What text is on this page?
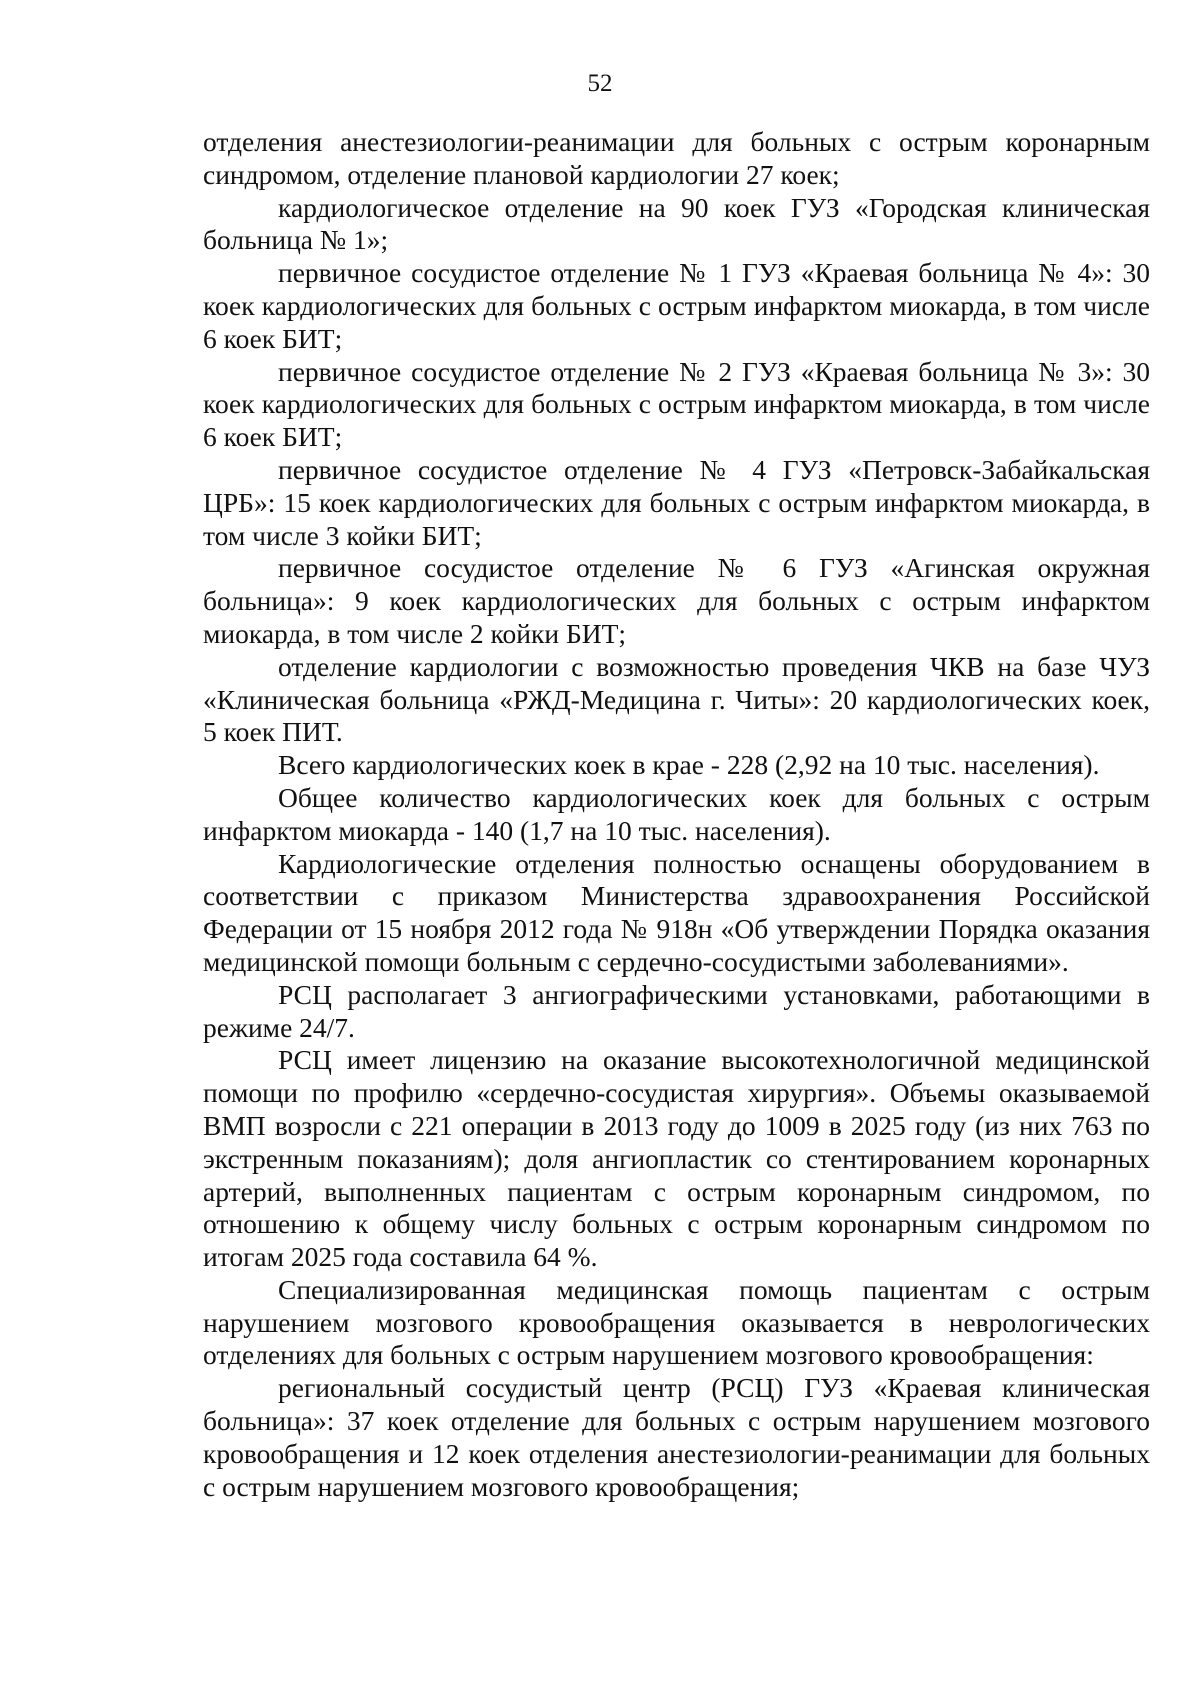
52

отделения анестезиологии-реанимации для больных с острым коронарным синдромом, отделение плановой кардиологии 27 коек;

кардиологическое отделение на 90 коек ГУЗ «Городская клиническая больница № 1»;

первичное сосудистое отделение № 1 ГУЗ «Краевая больница № 4»: 30 коек кардиологических для больных с острым инфарктом миокарда, в том числе 6 коек БИТ;

первичное сосудистое отделение № 2 ГУЗ «Краевая больница № 3»: 30 коек кардиологических для больных с острым инфарктом миокарда, в том числе 6 коек БИТ;

первичное сосудистое отделение № 4 ГУЗ «Петровск-Забайкальская ЦРБ»: 15 коек кардиологических для больных с острым инфарктом миокарда, в том числе 3 койки БИТ;

первичное сосудистое отделение № 6 ГУЗ «Агинская окружная больница»: 9 коек кардиологических для больных с острым инфарктом миокарда, в том числе 2 койки БИТ;

отделение кардиологии с возможностью проведения ЧКВ на базе ЧУЗ «Клиническая больница «РЖД-Медицина г. Читы»: 20 кардиологических коек, 5 коек ПИТ.

Всего кардиологических коек в крае - 228 (2,92 на 10 тыс. населения).

Общее количество кардиологических коек для больных с острым инфарктом миокарда - 140 (1,7 на 10 тыс. населения).

Кардиологические отделения полностью оснащены оборудованием в соответствии с приказом Министерства здравоохранения Российской Федерации от 15 ноября 2012 года № 918н «Об утверждении Порядка оказания медицинской помощи больным с сердечно-сосудистыми заболеваниями».

РСЦ располагает 3 ангиографическими установками, работающими в режиме 24/7.

РСЦ имеет лицензию на оказание высокотехнологичной медицинской помощи по профилю «сердечно-сосудистая хирургия». Объемы оказываемой ВМП возросли с 221 операции в 2013 году до 1009 в 2025 году (из них 763 по экстренным показаниям); доля ангиопластик со стентированием коронарных артерий, выполненных пациентам с острым коронарным синдромом, по отношению к общему числу больных с острым коронарным синдромом по итогам 2025 года составила 64 %.

Специализированная медицинская помощь пациентам с острым нарушением мозгового кровообращения оказывается в неврологических отделениях для больных с острым нарушением мозгового кровообращения:

региональный сосудистый центр (РСЦ) ГУЗ «Краевая клиническая больница»: 37 коек отделение для больных с острым нарушением мозгового кровообращения и 12 коек отделения анестезиологии-реанимации для больных с острым нарушением мозгового кровообращения;
